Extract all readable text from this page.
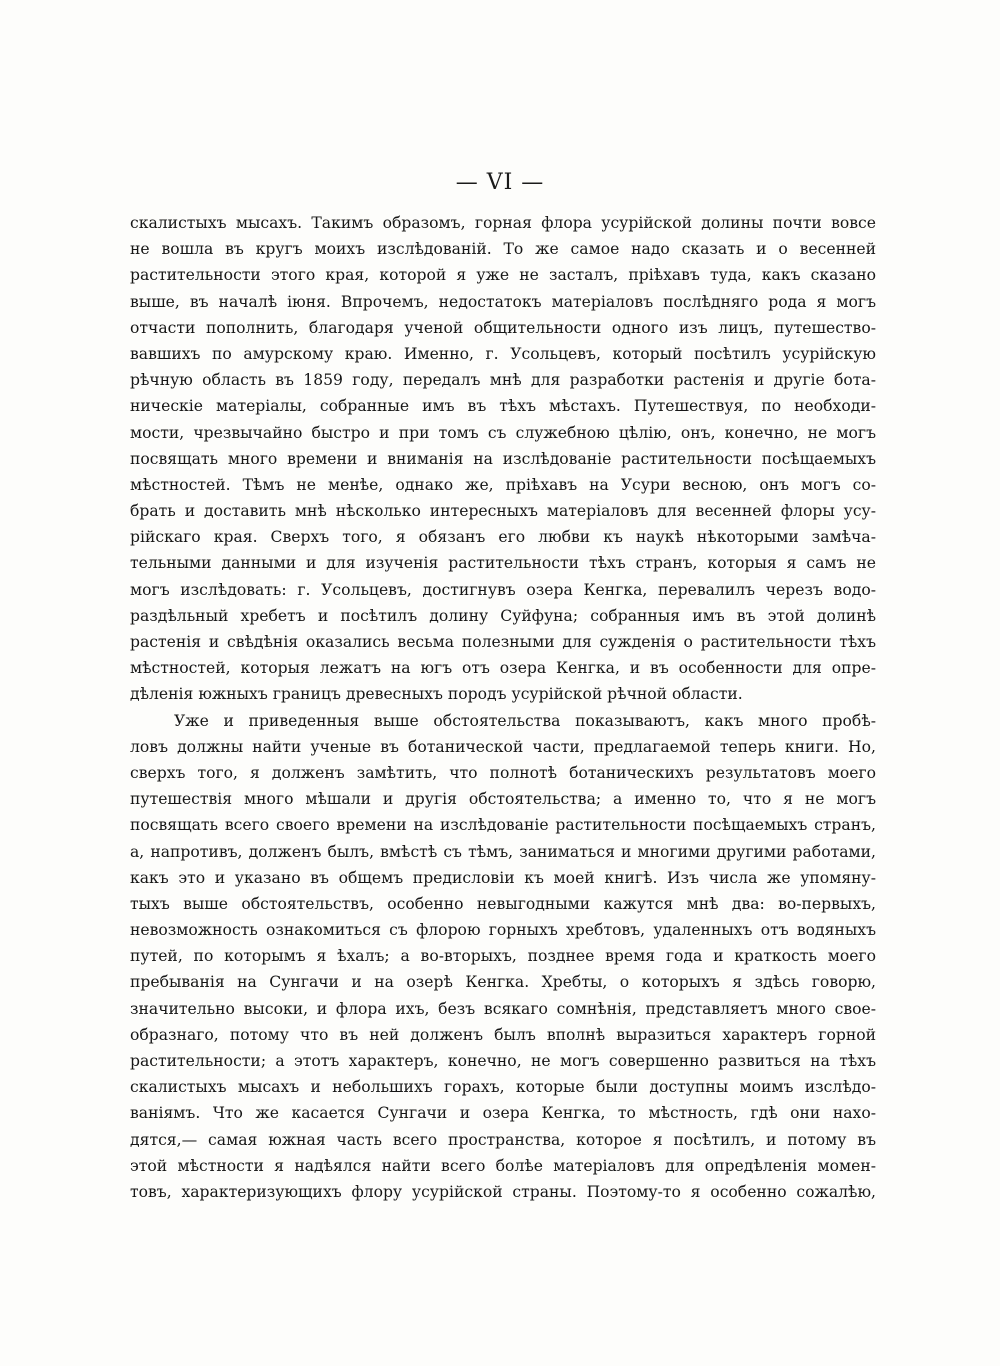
— VI —
скалистыхъ мысахъ. Такимъ образомъ, горная флора усурійской долины почти вовсе
не вошла въ кругъ моихъ изслѣдованій. То же самое надо сказать и о весенней
растительности этого края, которой я уже не засталъ, пріѣхавъ туда, какъ сказано
выше, въ началѣ іюня. Впрочемъ, недостатокъ матеріаловъ послѣдняго рода я могъ
отчасти пополнить, благодаря ученой общительности одного изъ лицъ, путешество-
вавшихъ по амурскому краю. Именно, г. Усольцевъ, который посѣтилъ усурійскую
рѣчную область въ 1859 году, передалъ мнѣ для разработки растенія и другіе бота-
ническіе матеріалы, собранные имъ въ тѣхъ мѣстахъ. Путешествуя, по необходи-
мости, чрезвычайно быстро и при томъ съ служебною цѣлію, онъ, конечно, не могъ
посвящать много времени и вниманія на изслѣдованіе растительности посѣщаемыхъ
мѣстностей. Тѣмъ не менѣе, однако же, пріѣхавъ на Усури весною, онъ могъ со-
брать и доставить мнѣ нѣсколько интересныхъ матеріаловъ для весенней флоры усу-
рійскаго края. Сверхъ того, я обязанъ его любви къ наукѣ нѣкоторыми замѣча-
тельными данными и для изученія растительности тѣхъ странъ, которыя я самъ не
могъ изслѣдовать: г. Усольцевъ, достигнувъ озера Кенгка, перевалилъ черезъ водо-
раздѣльный хребетъ и посѣтилъ долину Суйфуна; собранныя имъ въ этой долинѣ
растенія и свѣдѣнія оказались весьма полезными для сужденія о растительности тѣхъ
мѣстностей, которыя лежатъ на югъ отъ озера Кенгка, и въ особенности для опре-
дѣленія южныхъ границъ древесныхъ породъ усурійской рѣчной области.
Уже и приведенныя выше обстоятельства показываютъ, какъ много пробѣ-
ловъ должны найти ученые въ ботанической части, предлагаемой теперь книги. Но,
сверхъ того, я долженъ замѣтить, что полнотѣ ботаническихъ результатовъ моего
путешествія много мѣшали и другія обстоятельства; а именно то, что я не могъ
посвящать всего своего времени на изслѣдованіе растительности посѣщаемыхъ странъ,
а, напротивъ, долженъ былъ, вмѣстѣ съ тѣмъ, заниматься и многими другими работами,
какъ это и указано въ общемъ предисловіи къ моей книгѣ. Изъ числа же упомяну-
тыхъ выше обстоятельствъ, особенно невыгодными кажутся мнѣ два: во-первыхъ,
невозможность ознакомиться съ флорою горныхъ хребтовъ, удаленныхъ отъ водяныхъ
путей, по которымъ я ѣхалъ; а во-вторыхъ, позднее время года и краткость моего
пребыванія на Сунгачи и на озерѣ Кенгка. Хребты, о которыхъ я здѣсь говорю,
значительно высоки, и флора ихъ, безъ всякаго сомнѣнія, представляетъ много свое-
образнаго, потому что въ ней долженъ былъ вполнѣ выразиться характеръ горной
растительности; а этотъ характеръ, конечно, не могъ совершенно развиться на тѣхъ
скалистыхъ мысахъ и небольшихъ горахъ, которые были доступны моимъ изслѣдо-
ваніямъ. Что же касается Сунгачи и озера Кенгка, то мѣстность, гдѣ они нахо-
дятся,— самая южная часть всего пространства, которое я посѣтилъ, и потому въ
этой мѣстности я надѣялся найти всего болѣе матеріаловъ для опредѣленія момен-
товъ, характеризующихъ флору усурійской страны. Поэтому-то я особенно сожалѣю,
